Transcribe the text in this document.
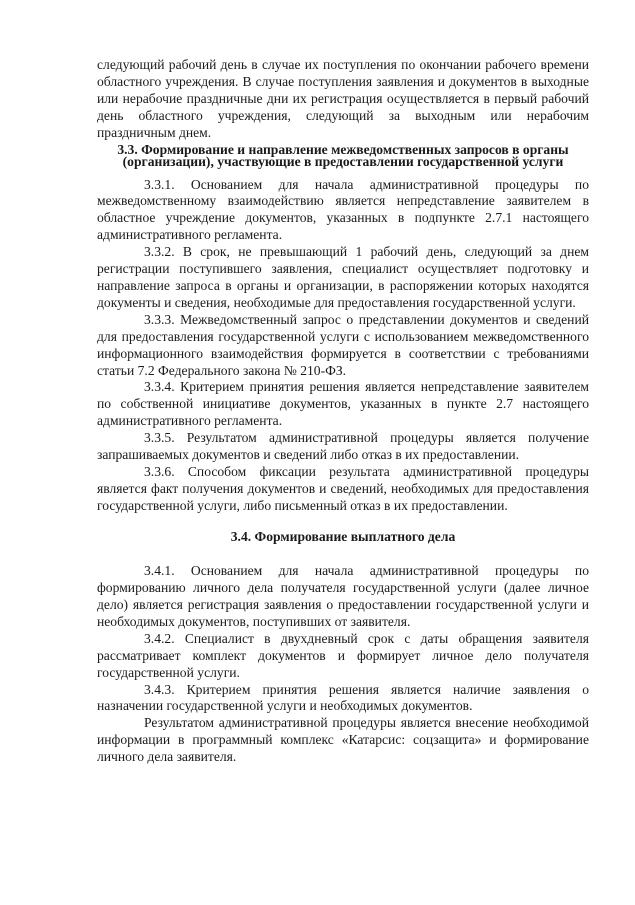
следующий рабочий день в случае их поступления по окончании рабочего времени областного учреждения. В случае поступления заявления и документов в выходные или нерабочие праздничные дни их регистрация осуществляется в первый рабочий день областного учреждения, следующий за выходным или нерабочим праздничным днем.

3.3. Формирование и направление межведомственных запросов в органы (организации), участвующие в предоставлении государственной услуги

3.3.1. Основанием для начала административной процедуры по межведомственному взаимодействию является непредставление заявителем в областное учреждение документов, указанных в подпункте 2.7.1 настоящего административного регламента.

3.3.2. В срок, не превышающий 1 рабочий день, следующий за днем регистрации поступившего заявления, специалист осуществляет подготовку и направление запроса в органы и организации, в распоряжении которых находятся документы и сведения, необходимые для предоставления государственной услуги.

3.3.3. Межведомственный запрос о представлении документов и сведений для предоставления государственной услуги с использованием межведомственного информационного взаимодействия формируется в соответствии с требованиями статьи 7.2 Федерального закона № 210-ФЗ.

3.3.4. Критерием принятия решения является непредставление заявителем по собственной инициативе документов, указанных в пункте 2.7 настоящего административного регламента.

3.3.5. Результатом административной процедуры является получение запрашиваемых документов и сведений либо отказ в их предоставлении.

3.3.6. Способом фиксации результата административной процедуры является факт получения документов и сведений, необходимых для предоставления государственной услуги, либо письменный отказ в их предоставлении.

3.4. Формирование выплатного дела

3.4.1. Основанием для начала административной процедуры по формированию личного дела получателя государственной услуги (далее личное дело) является регистрация заявления о предоставлении государственной услуги и необходимых документов, поступивших от заявителя.

3.4.2. Специалист в двухдневный срок с даты обращения заявителя рассматривает комплект документов и формирует личное дело получателя государственной услуги.

3.4.3. Критерием принятия решения является наличие заявления о назначении государственной услуги и необходимых документов.

Результатом административной процедуры является внесение необходимой информации в программный комплекс «Катарсис: соцзащита» и формирование личного дела заявителя.
